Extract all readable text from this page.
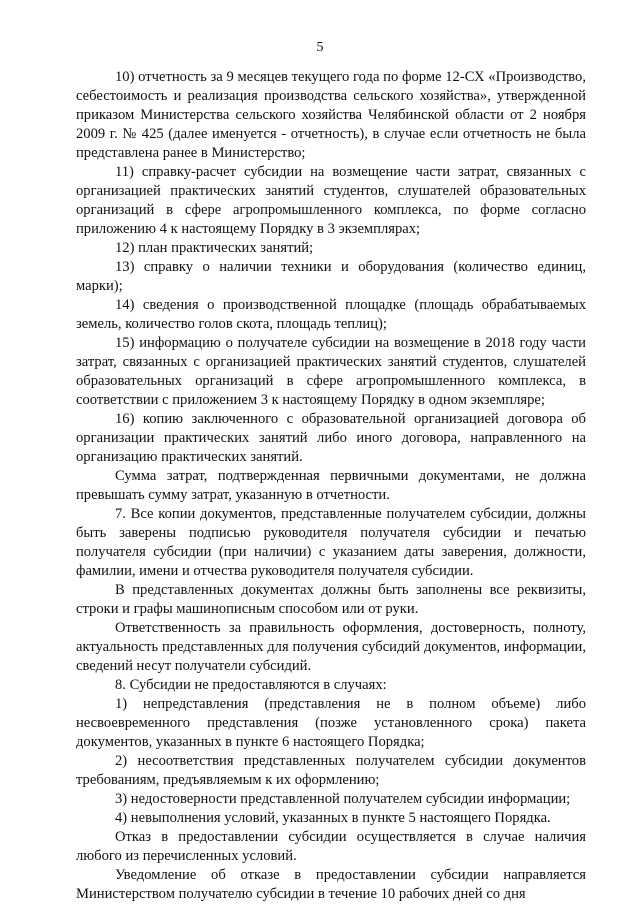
5

10) отчетность за 9 месяцев текущего года по форме 12-СХ «Производство, себестоимость и реализация производства сельского хозяйства», утвержденной приказом Министерства сельского хозяйства Челябинской области от 2 ноября 2009 г. № 425 (далее именуется - отчетность), в случае если отчетность не была представлена ранее в Министерство;

11) справку-расчет субсидии на возмещение части затрат, связанных с организацией практических занятий студентов, слушателей образовательных организаций в сфере агропромышленного комплекса, по форме согласно приложению 4 к настоящему Порядку в 3 экземплярах;

12) план практических занятий;

13) справку о наличии техники и оборудования (количество единиц, марки);

14) сведения о производственной площадке (площадь обрабатываемых земель, количество голов скота, площадь теплиц);

15) информацию о получателе субсидии на возмещение в 2018 году части затрат, связанных с организацией практических занятий студентов, слушателей образовательных организаций в сфере агропромышленного комплекса, в соответствии с приложением 3 к настоящему Порядку в одном экземпляре;

16) копию заключенного с образовательной организацией договора об организации практических занятий либо иного договора, направленного на организацию практических занятий.

Сумма затрат, подтвержденная первичными документами, не должна превышать сумму затрат, указанную в отчетности.

7. Все копии документов, представленные получателем субсидии, должны быть заверены подписью руководителя получателя субсидии и печатью получателя субсидии (при наличии) с указанием даты заверения, должности, фамилии, имени и отчества руководителя получателя субсидии.

В представленных документах должны быть заполнены все реквизиты, строки и графы машинописным способом или от руки.

Ответственность за правильность оформления, достоверность, полноту, актуальность представленных для получения субсидий документов, информации, сведений несут получатели субсидий.

8. Субсидии не предоставляются в случаях:

1) непредставления (представления не в полном объеме) либо несвоевременного представления (позже установленного срока) пакета документов, указанных в пункте 6 настоящего Порядка;

2) несоответствия представленных получателем субсидии документов требованиям, предъявляемым к их оформлению;

3) недостоверности представленной получателем субсидии информации;

4) невыполнения условий, указанных в пункте 5 настоящего Порядка.

Отказ в предоставлении субсидии осуществляется в случае наличия любого из перечисленных условий.

Уведомление об отказе в предоставлении субсидии направляется Министерством получателю субсидии в течение 10 рабочих дней со дня
